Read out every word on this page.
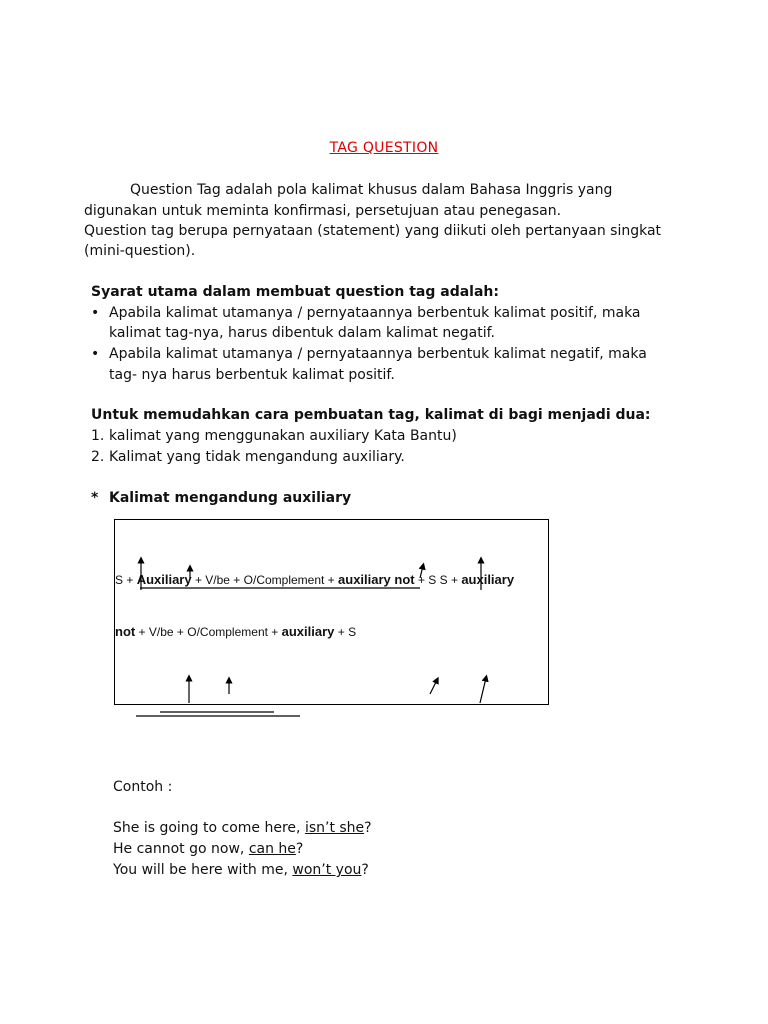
TAG QUESTION
Question Tag adalah pola kalimat khusus dalam Bahasa Inggris yang
digunakan untuk meminta konfirmasi, persetujuan atau penegasan.
Question tag berupa pernyataan (statement) yang diikuti oleh pertanyaan singkat
(mini-question).
Syarat utama dalam membuat question tag adalah:
• Apabila kalimat utamanya / pernyataannya berbentuk kalimat positif, maka
kalimat tag-nya, harus dibentuk dalam kalimat negatif.
• Apabila kalimat utamanya / pernyataannya berbentuk kalimat negatif, maka
tag- nya harus berbentuk kalimat positif.
Untuk memudahkan cara pembuatan tag, kalimat di bagi menjadi dua:
1. kalimat yang menggunakan auxiliary Kata Bantu)
2. Kalimat yang tidak mengandung auxiliary.
* Kalimat mengandung auxiliary
S + Auxiliary + V/be + O/Complement + auxiliary not + S S + auxiliary
not + V/be + O/Complement + auxiliary + S
Contoh :
She is going to come here, isn’t she?
He cannot go now, can he?
You will be here with me, won’t you?
